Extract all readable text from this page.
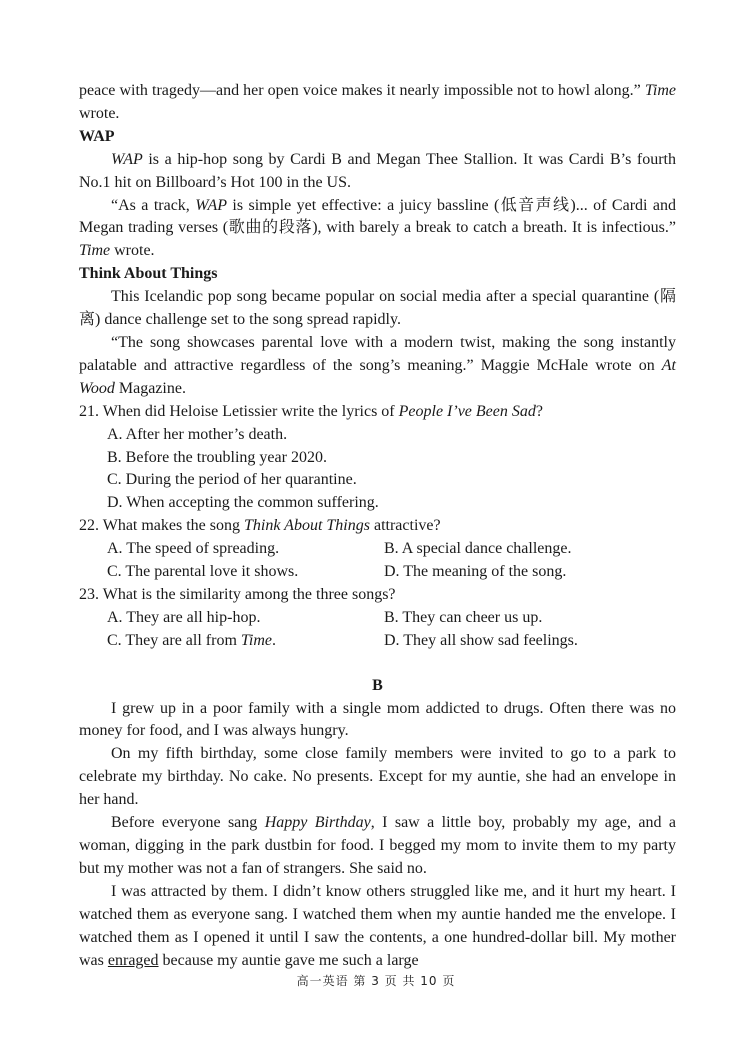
peace with tragedy—and her open voice makes it nearly impossible not to howl along.” Time wrote.

WAP

WAP is a hip-hop song by Cardi B and Megan Thee Stallion. It was Cardi B’s fourth No.1 hit on Billboard’s Hot 100 in the US.

“As a track, WAP is simple yet effective: a juicy bassline (低音声线)... of Cardi and Megan trading verses (歌曲的段落), with barely a break to catch a breath. It is infectious.” Time wrote.

Think About Things

This Icelandic pop song became popular on social media after a special quarantine (隔离) dance challenge set to the song spread rapidly.

“The song showcases parental love with a modern twist, making the song instantly palatable and attractive regardless of the song’s meaning.” Maggie McHale wrote on At Wood Magazine.

21. When did Heloise Letissier write the lyrics of People I’ve Been Sad?

A. After her mother’s death.
B. Before the troubling year 2020.
C. During the period of her quarantine.
D. When accepting the common suffering.

22. What makes the song Think About Things attractive?

A. The speed of spreading.	B. A special dance challenge.
C. The parental love it shows.	D. The meaning of the song.

23. What is the similarity among the three songs?

A. They are all hip-hop.	B. They can cheer us up.
C. They are all from Time.	D. They all show sad feelings.

B

I grew up in a poor family with a single mom addicted to drugs. Often there was no money for food, and I was always hungry.

On my fifth birthday, some close family members were invited to go to a park to celebrate my birthday. No cake. No presents. Except for my auntie, she had an envelope in her hand.

Before everyone sang Happy Birthday, I saw a little boy, probably my age, and a woman, digging in the park dustbin for food. I begged my mom to invite them to my party but my mother was not a fan of strangers. She said no.

I was attracted by them. I didn’t know others struggled like me, and it hurt my heart. I watched them as everyone sang. I watched them when my auntie handed me the envelope. I watched them as I opened it until I saw the contents, a one hundred-dollar bill. My mother was enraged because my auntie gave me such a large

高一英语 第 3 页 共 10 页
